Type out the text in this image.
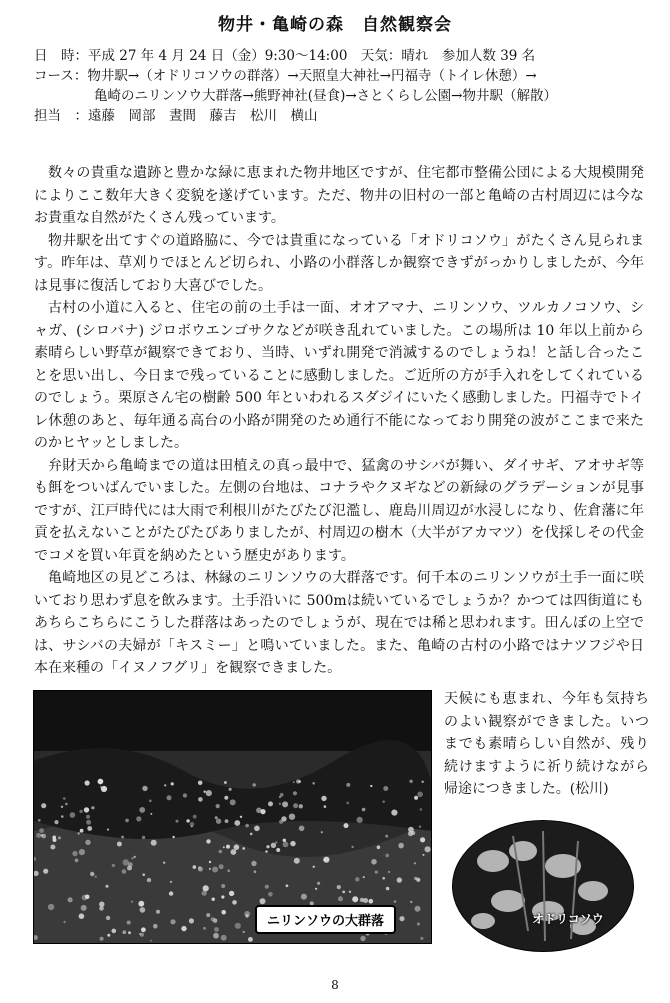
物井・亀崎の森　自然観察会
日　時：平成 27 年 4 月 24 日（金）9:30～14:00　天気：晴れ　参加人数 39 名
コース：物井駅→（オドリコソウの群落）→天照皇大神社→円福寺（トイレ休憩）→
亀崎のニリンソウ大群落→熊野神社(昼食)→さとくらし公園→物井駅（解散）
担当　：遠藤　岡部　晝間　藤吉　松川　横山

数々の貴重な遺跡と豊かな緑に恵まれた物井地区ですが、住宅都市整備公団による大規模開発によりここ数年大きく変貌を遂げています。ただ、物井の旧村の一部と亀崎の古村周辺には今なお貴重な自然がたくさん残っています。

物井駅を出てすぐの道路脇に、今では貴重になっている「オドリコソウ」がたくさん見られます。昨年は、草刈りでほとんど切られ、小路の小群落しか観察できずがっかりしましたが、今年は見事に復活しており大喜びでした。

古村の小道に入ると、住宅の前の土手は一面、オオアマナ、ニリンソウ、ツルカノコソウ、シャガ、(シロバナ) ジロボウエンゴサクなどが咲き乱れていました。この場所は 10 年以上前から素晴らしい野草が観察できており、当時、いずれ開発で消滅するのでしょうね！と話し合ったことを思い出し、今日まで残っていることに感動しました。ご近所の方が手入れをしてくれているのでしょう。栗原さん宅の樹齢 500 年といわれるスダジイにいたく感動しました。円福寺でトイレ休憩のあと、毎年通る高台の小路が開発のため通行不能になっており開発の波がここまで来たのかヒヤッとしました。

弁財天から亀崎までの道は田植えの真っ最中で、猛禽のサシバが舞い、ダイサギ、アオサギ等も餌をついばんでいました。左側の台地は、コナラやクヌギなどの新緑のグラデーションが見事ですが、江戸時代には大雨で利根川がたびたび氾濫し、鹿島川周辺が水浸しになり、佐倉藩に年貢を払えないことがたびたびありましたが、村周辺の樹木（大半がアカマツ）を伐採しその代金でコメを買い年貢を納めたという歴史があります。

亀崎地区の見どころは、林縁のニリンソウの大群落です。何千本のニリンソウが土手一面に咲いており思わず息を飲みます。土手沿いに 500mは続いているでしょうか？かつては四街道にもあちらこちらにこうした群落はあったのでしょうが、現在では稀と思われます。田んぼの上空では、サシバの夫婦が「キスミー」と鳴いていました。また、亀崎の古村の小路ではナツフジや日本在来種の「イヌノフグリ」を観察できました。

ニリンソウの大群落
天候にも恵まれ、今年も気持ちのよい観察ができました。いつまでも素晴らしい自然が、残り続けますように祈り続けながら帰途につきました。(松川)
オドリコソウ
8
